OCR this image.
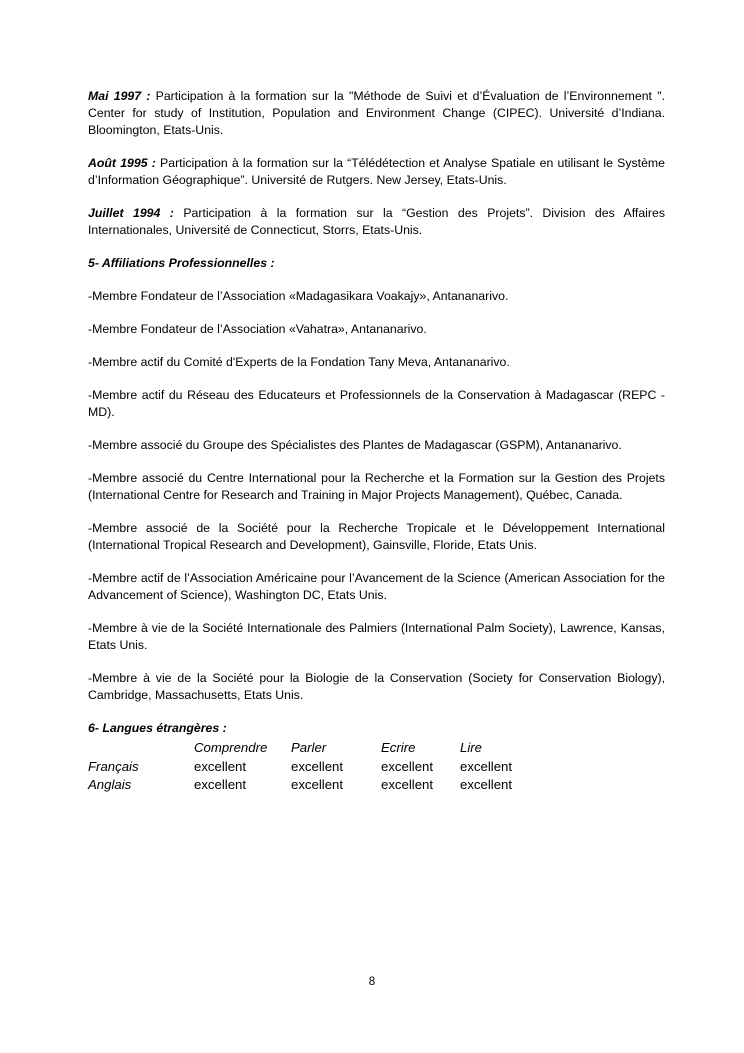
Mai 1997 : Participation à la formation sur la "Méthode de Suivi et d’Évaluation de l’Environnement ". Center for study of Institution, Population and Environment Change (CIPEC). Université d’Indiana. Bloomington, Etats-Unis.

Août 1995 : Participation à la formation sur la “Télédétection et Analyse Spatiale en utilisant le Système d’Information Géographique”. Université de Rutgers. New Jersey, Etats-Unis.

Juillet 1994 : Participation à la formation sur la “Gestion des Projets”. Division des Affaires Internationales, Université de Connecticut, Storrs, Etats-Unis.

5- Affiliations Professionnelles :

-Membre Fondateur de l’Association «Madagasikara Voakajy», Antananarivo.

-Membre Fondateur de l’Association «Vahatra», Antananarivo.

-Membre actif du Comité d'Experts de la Fondation Tany Meva, Antananarivo.

-Membre actif du Réseau des Educateurs et Professionnels de la Conservation à Madagascar (REPC - MD).

-Membre associé du Groupe des Spécialistes des Plantes de Madagascar (GSPM), Antananarivo.

-Membre associé du Centre International pour la Recherche et la Formation sur la Gestion des Projets (International Centre for Research and Training in Major Projects Management), Québec, Canada.

-Membre associé de la Société pour la Recherche Tropicale et le Développement International (International Tropical Research and Development), Gainsville, Floride, Etats Unis.

-Membre actif de l’Association Américaine pour l’Avancement de la Science (American Association for the Advancement of Science), Washington DC, Etats Unis.

-Membre à vie de la Société Internationale des Palmiers (International Palm Society), Lawrence, Kansas, Etats Unis.

-Membre à vie de la Société pour la Biologie de la Conservation (Society for Conservation Biology), Cambridge, Massachusetts, Etats Unis.

6- Langues étrangères :

	Comprendre	Parler	Ecrire	Lire
Français	excellent	excellent	excellent	excellent
Anglais	excellent	excellent	excellent	excellent
8
